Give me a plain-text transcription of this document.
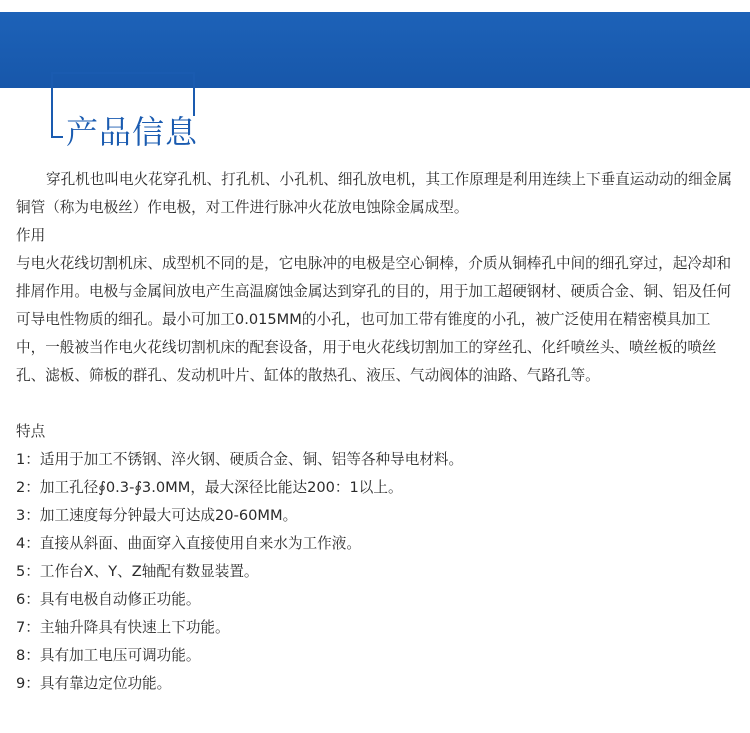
产品信息

穿孔机也叫电火花穿孔机、打孔机、小孔机、细孔放电机，其工作原理是利用连续上下垂直运动动的细金属铜管（称为电极丝）作电极，对工件进行脉冲火花放电蚀除金属成型。

作用

与电火花线切割机床、成型机不同的是，它电脉冲的电极是空心铜棒，介质从铜棒孔中间的细孔穿过，起冷却和排屑作用。电极与金属间放电产生高温腐蚀金属达到穿孔的目的，用于加工超硬钢材、硬质合金、铜、铝及任何可导电性物质的细孔。最小可加工0.015MM的小孔，也可加工带有锥度的小孔，被广泛使用在精密模具加工中，一般被当作电火花线切割机床的配套设备，用于电火花线切割加工的穿丝孔、化纤喷丝头、喷丝板的喷丝孔、滤板、筛板的群孔、发动机叶片、缸体的散热孔、液压、气动阀体的油路、气路孔等。

特点

1：适用于加工不锈钢、淬火钢、硬质合金、铜、铝等各种导电材料。
2：加工孔径∮0.3-∮3.0MM，最大深径比能达200：1以上。
3：加工速度每分钟最大可达成20-60MM。
4：直接从斜面、曲面穿入直接使用自来水为工作液。
5：工作台X、Y、Z轴配有数显装置。
6：具有电极自动修正功能。
7：主轴升降具有快速上下功能。
8：具有加工电压可调功能。
9：具有靠边定位功能。
